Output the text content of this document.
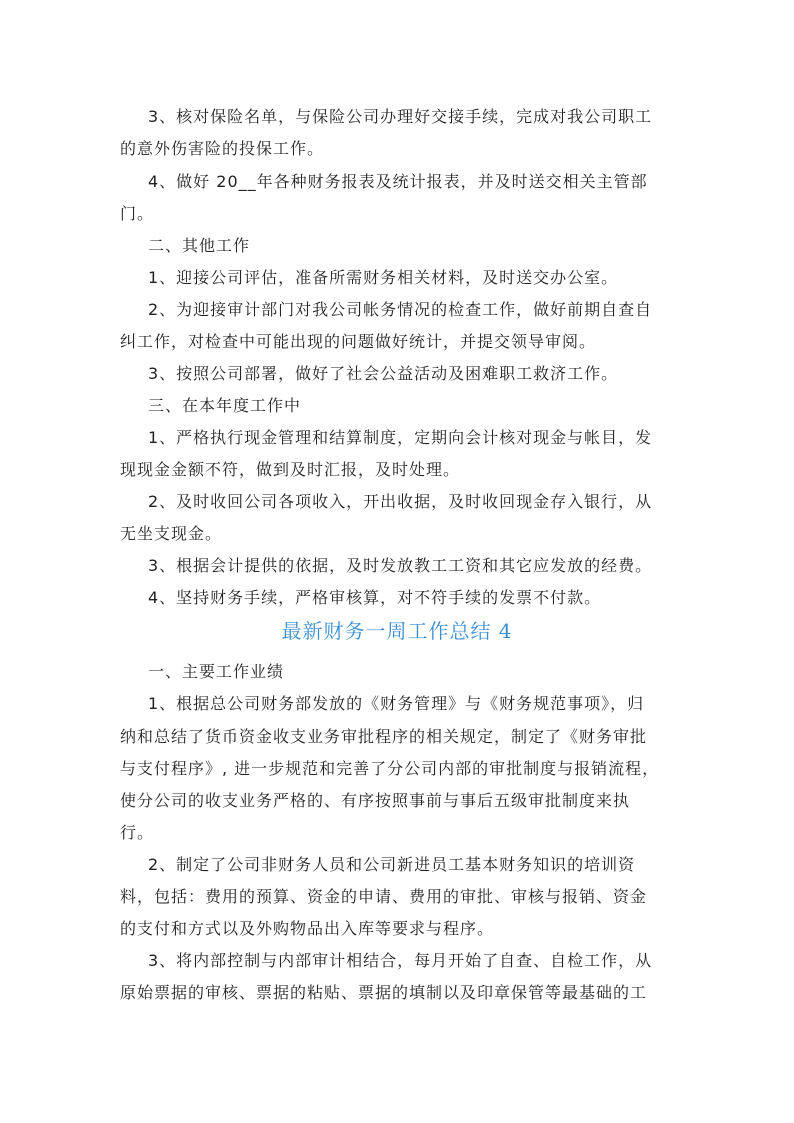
3、核对保险名单，与保险公司办理好交接手续，完成对我公司职工
的意外伤害险的投保工作。
4、做好 20__年各种财务报表及统计报表，并及时送交相关主管部
门。
二、其他工作
1、迎接公司评估，准备所需财务相关材料，及时送交办公室。
2、为迎接审计部门对我公司帐务情况的检查工作，做好前期自查自
纠工作，对检查中可能出现的问题做好统计，并提交领导审阅。
3、按照公司部署，做好了社会公益活动及困难职工救济工作。
三、在本年度工作中
1、严格执行现金管理和结算制度，定期向会计核对现金与帐目，发
现现金金额不符，做到及时汇报，及时处理。
2、及时收回公司各项收入，开出收据，及时收回现金存入银行，从
无坐支现金。
3、根据会计提供的依据，及时发放教工工资和其它应发放的经费。
4、坚持财务手续，严格审核算，对不符手续的发票不付款。
最新财务一周工作总结 4
一、主要工作业绩
1、根据总公司财务部发放的《财务管理》与《财务规范事项》，归
纳和总结了货币资金收支业务审批程序的相关规定，制定了《财务审批
与支付程序》, 进一步规范和完善了分公司内部的审批制度与报销流程，
使分公司的收支业务严格的、有序按照事前与事后五级审批制度来执
行。
2、制定了公司非财务人员和公司新进员工基本财务知识的培训资
料，包括：费用的预算、资金的申请、费用的审批、审核与报销、资金
的支付和方式以及外购物品出入库等要求与程序。
3、将内部控制与内部审计相结合，每月开始了自查、自检工作，从
原始票据的审核、票据的粘贴、票据的填制以及印章保管等最基础的工
